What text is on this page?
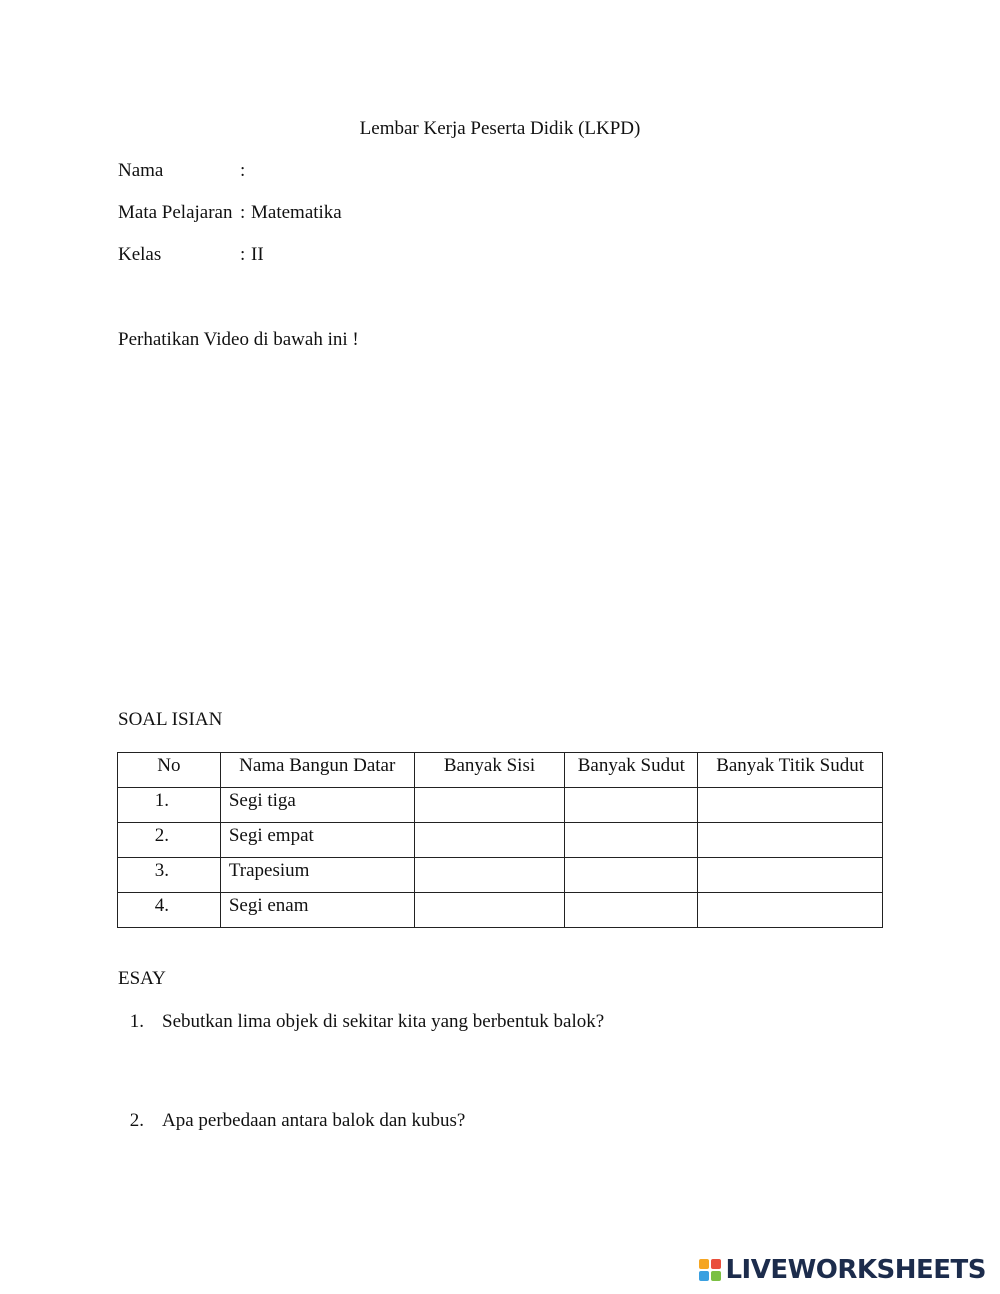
Lembar Kerja Peserta Didik (LKPD)
Nama	:
Mata Pelajaran : Matematika
Kelas	: II
Perhatikan Video di bawah ini !
SOAL ISIAN
No	Nama Bangun Datar	Banyak Sisi	Banyak Sudut	Banyak Titik Sudut
1.	Segi tiga			
2.	Segi empat			
3.	Trapesium			
4.	Segi enam			
ESAY
1. Sebutkan lima objek di sekitar kita yang berbentuk balok?
2. Apa perbedaan antara balok dan kubus?
LIVEWORKSHEETS
